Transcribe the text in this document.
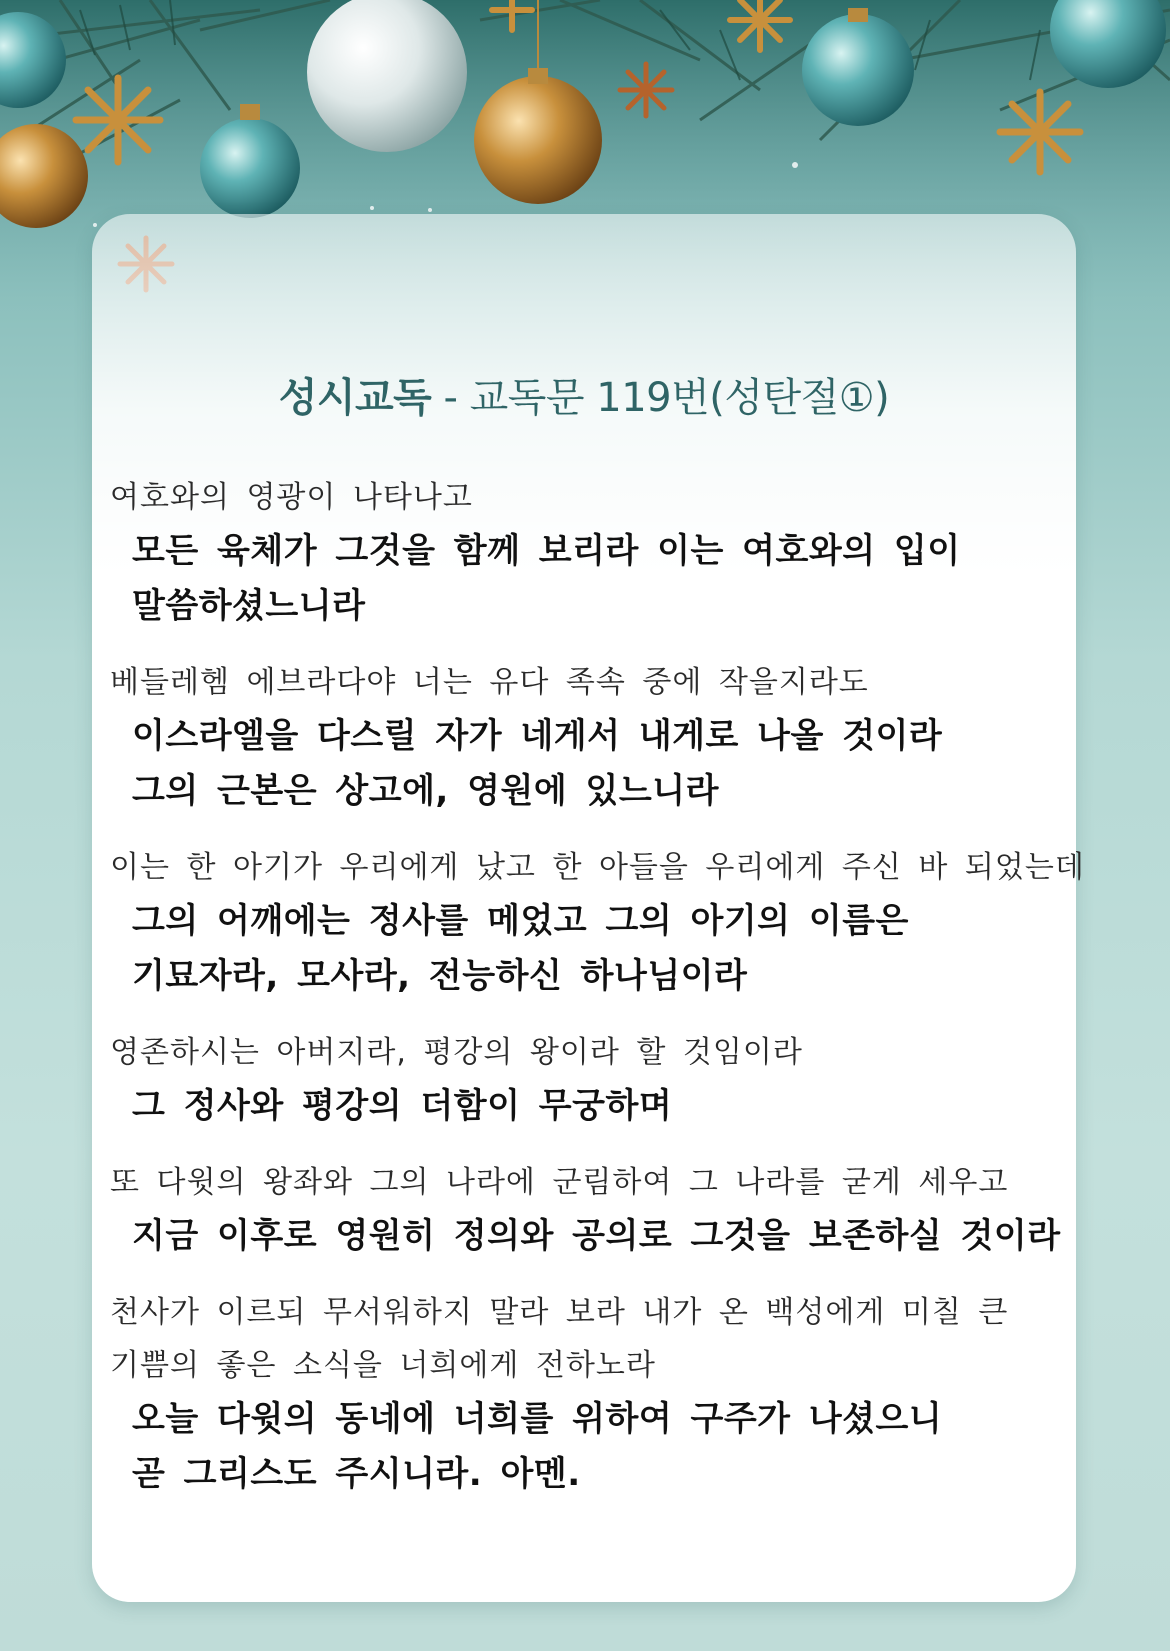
성시교독 - 교독문 119번(성탄절①)
여호와의 영광이 나타나고
모든 육체가 그것을 함께 보리라 이는 여호와의 입이
말씀하셨느니라
베들레헴 에브라다야 너는 유다 족속 중에 작을지라도
이스라엘을 다스릴 자가 네게서 내게로 나올 것이라
그의 근본은 상고에, 영원에 있느니라
이는 한 아기가 우리에게 났고 한 아들을 우리에게 주신 바 되었는데
그의 어깨에는 정사를 메었고 그의 아기의 이름은
기묘자라, 모사라, 전능하신 하나님이라
영존하시는 아버지라, 평강의 왕이라 할 것임이라
그 정사와 평강의 더함이 무궁하며
또 다윗의 왕좌와 그의 나라에 군림하여 그 나라를 굳게 세우고
지금 이후로 영원히 정의와 공의로 그것을 보존하실 것이라
천사가 이르되 무서워하지 말라 보라 내가 온 백성에게 미칠 큰
기쁨의 좋은 소식을 너희에게 전하노라
오늘 다윗의 동네에 너희를 위하여 구주가 나셨으니
곧 그리스도 주시니라. 아멘.
